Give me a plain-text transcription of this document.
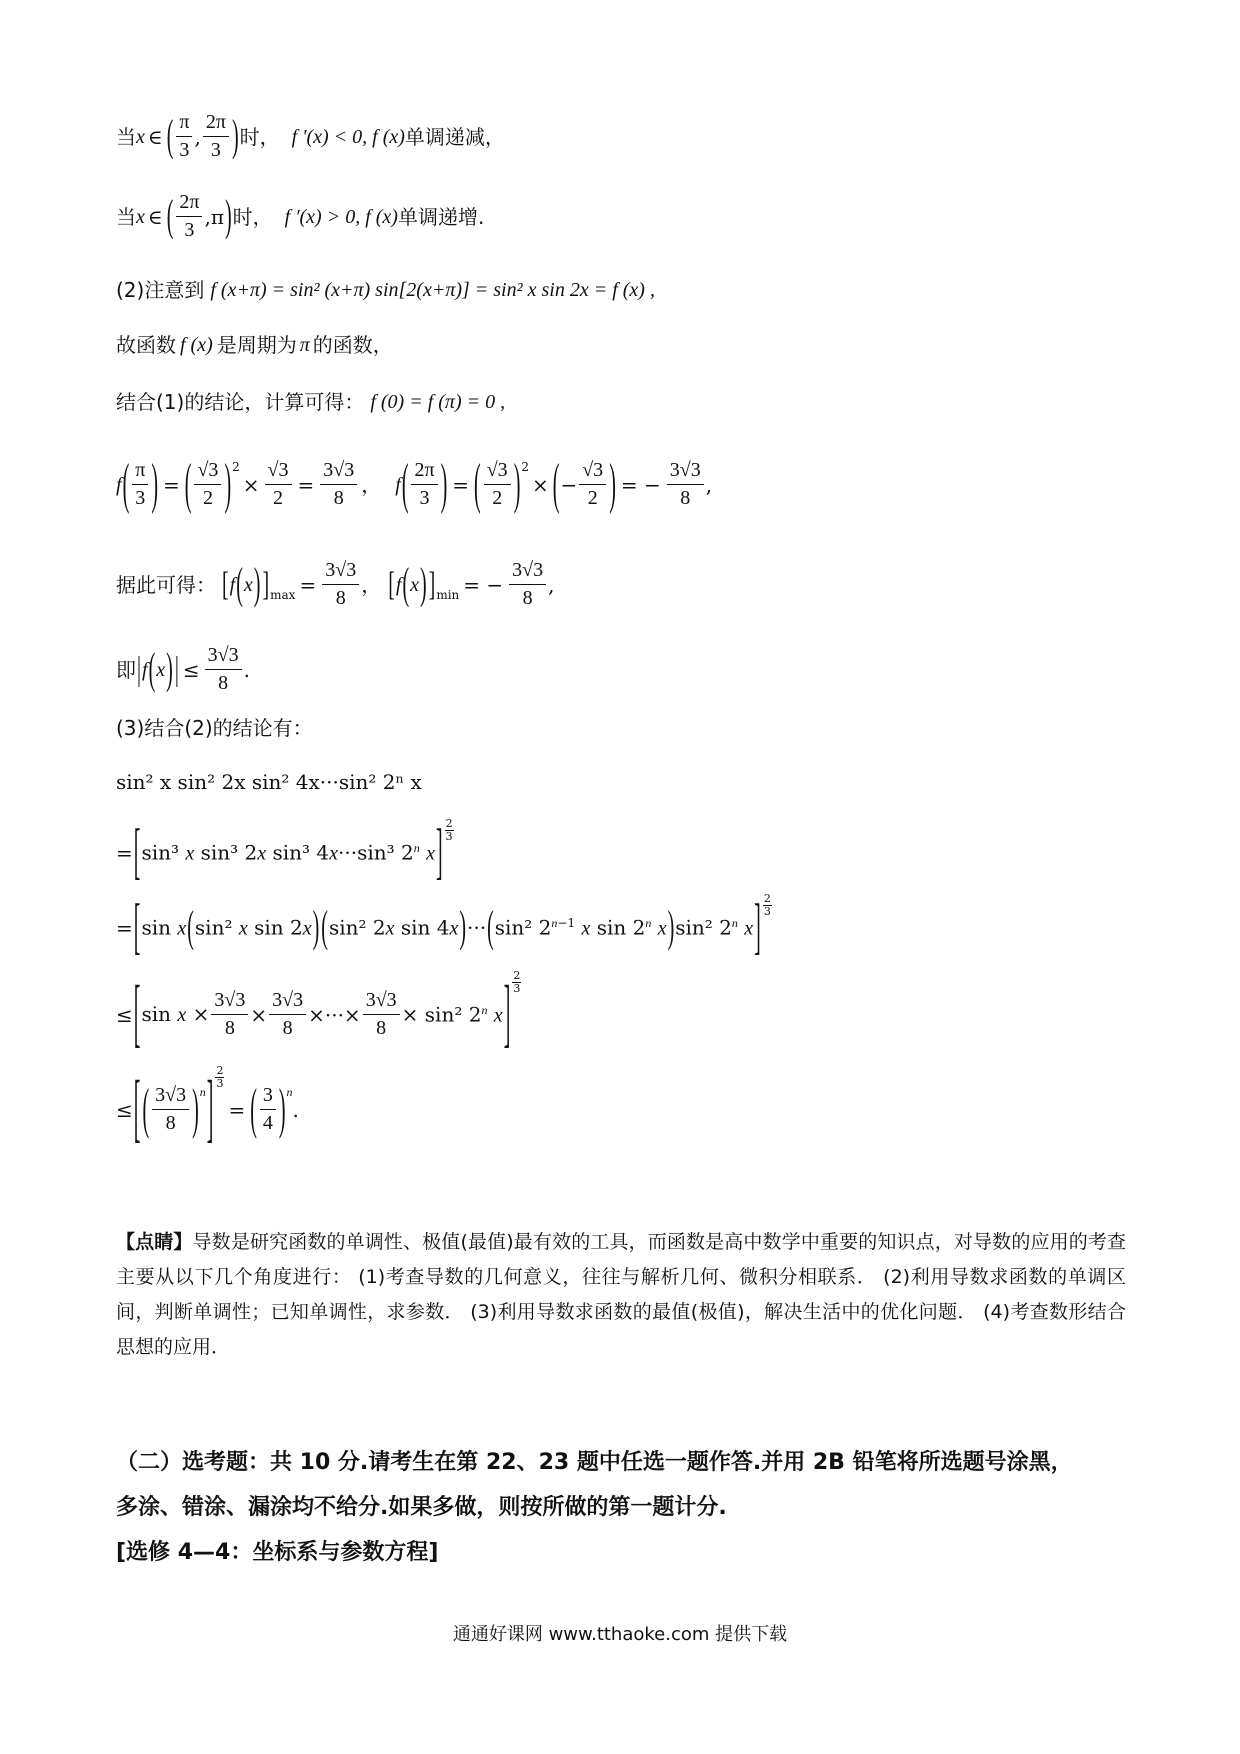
当 x ∈ ( $\frac{\pi}{3}$ , $\frac{2\pi}{3}$ ) 时， f '(x) < 0, f (x) 单调递减，
当 x ∈ ( $\frac{2\pi}{3} ,\pi$ ) 时， f '(x) > 0, f (x) 单调递增.
(2)注意到 f (x+π) = sin² (x+π) sin[2(x+π)] = sin² x sin 2x = f (x) ,
故函数 f (x) 是周期为 π 的函数，
结合(1)的结论，计算可得： f (0) = f (π) = 0 ,
f ( $\frac{\pi}{3}$ ) = ( $\frac{√3}{2} )^2$
× $\frac{√3}{2} = \frac{3√3}{8}$ ， f ( $\frac{2\pi}{3}$ ) = ( $\frac{√3}{2} )^2$
× ( − $\frac{√3}{2}$ ) = − $\frac{3√3}{8}$ ,
据此可得： [ f ( x ) ]$_{max} = \frac{3√3}{8}$ ， [ f ( x ) ]$_{min}$ = − $\frac{3√3}{8}$ ,
即 | f ( x ) | ≤ $\frac{3√3}{8}$ .
(3)结合(2)的结论有：
sin² x sin² 2x sin² 4x···sin² 2ⁿ x
= [ sin³ x sin³ 2x sin³ 4x···sin³ 2$^n$ x ] $\frac{2}{3}$
= [ sin x(sin² x sin 2x) (sin² 2x sin 4x)···(sin² $2^{n-1}$ x sin 2$^n$ x)sin² 2$^n$ x ] $\frac{2}{3}$
≤ [ $\sin x \times \frac{3√3}{8} \times \frac{3√3}{8}$ ×···× $\frac{3√3}{8} \times \sin^2$ 2$^n$ x ] $\frac{2}{3}$
≤ [ ( $\frac{3√3}{8}$ ) $^n$ ] $\frac{2}{3}$
= ( $\frac{3}{4}$ ) $^n$
.
【点睛】导数是研究函数的单调性、极值(最值)最有效的工具，而函数是高中数学中重要的知识点，对导数的应用的考查主要从以下几个角度进行： (1)考查导数的几何意义，往往与解析几何、微积分相联系． (2)利用导数求函数的单调区间，判断单调性；已知单调性，求参数． (3)利用导数求函数的最值(极值)，解决生活中的优化问题． (4)考查数形结合思想的应用．
（二）选考题：共 10 分.请考生在第 22、23 题中任选一题作答.并用 2B 铅笔将所选题号涂黑，
多涂、错涂、漏涂均不给分.如果多做，则按所做的第一题计分.
[选修 4—4：坐标系与参数方程]
通通好课网 www.tthaoke.com 提供下载
